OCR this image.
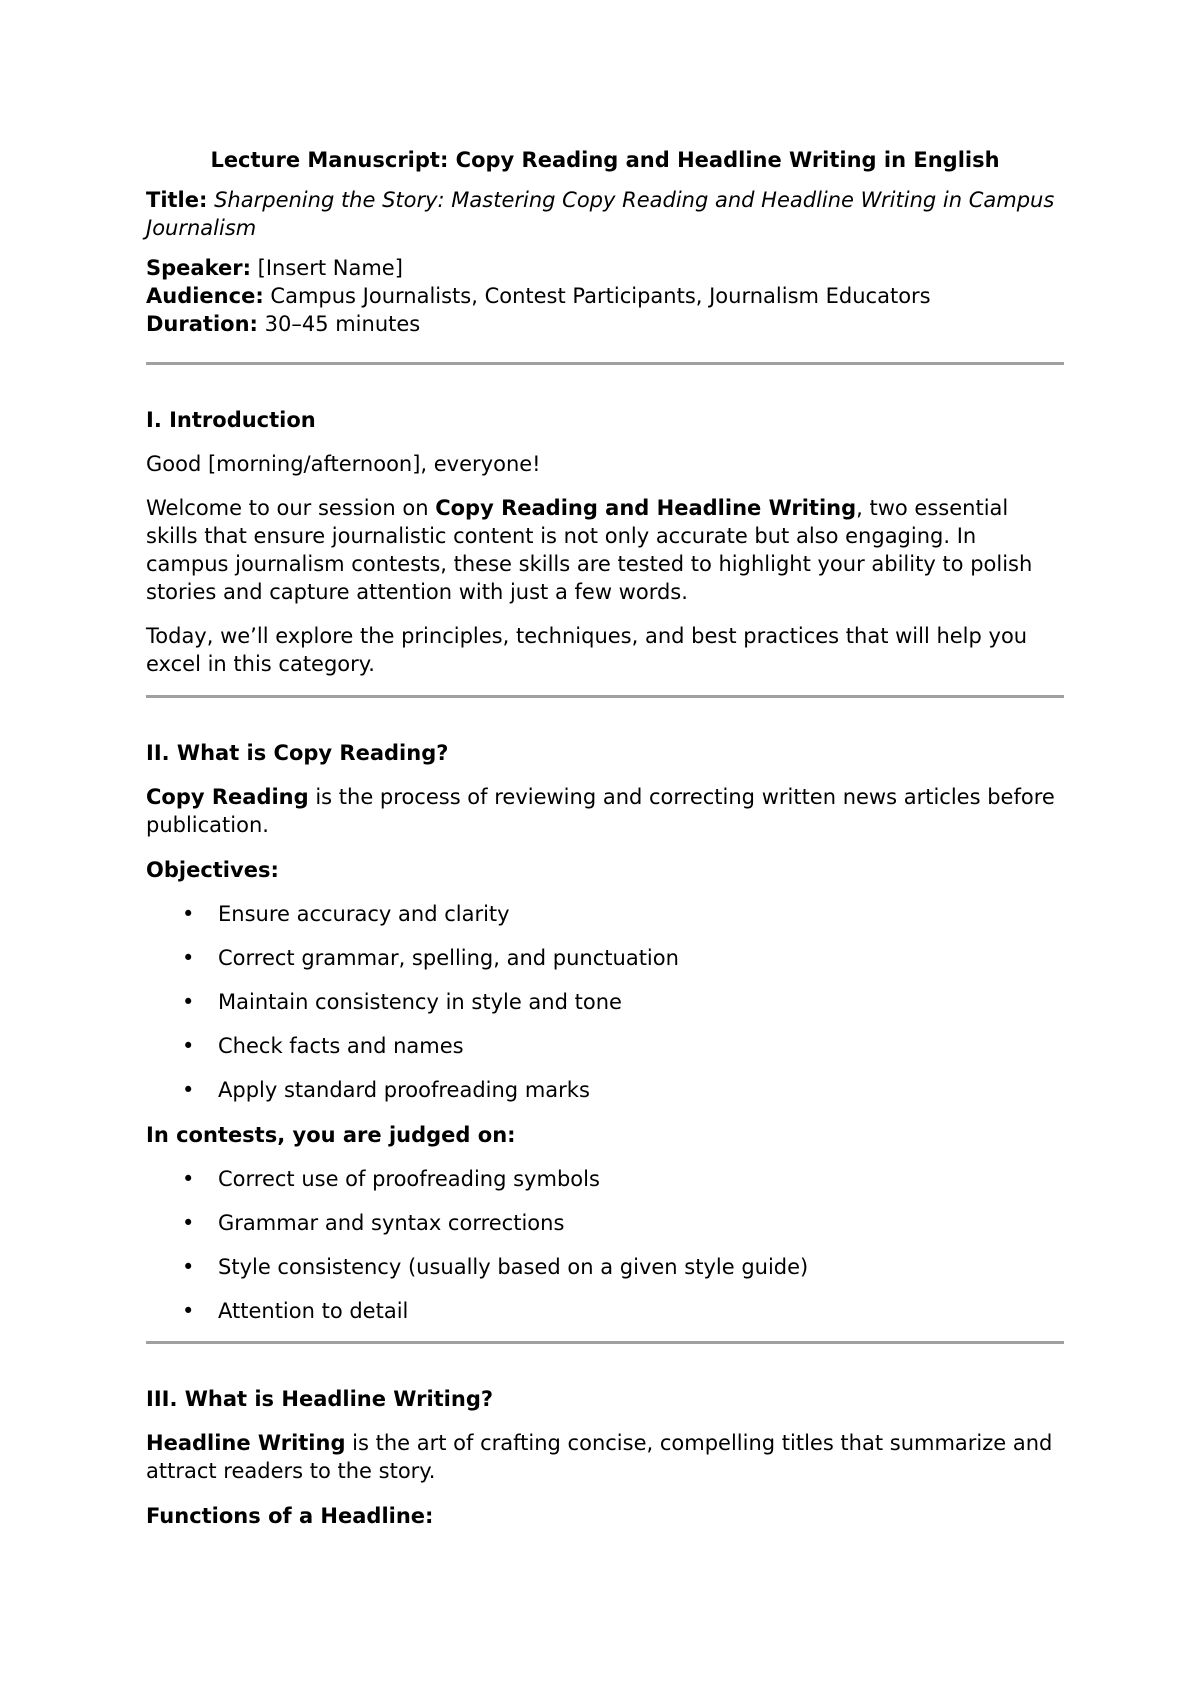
Lecture Manuscript: Copy Reading and Headline Writing in English
Title: Sharpening the Story: Mastering Copy Reading and Headline Writing in Campus Journalism
Speaker: [Insert Name]
Audience: Campus Journalists, Contest Participants, Journalism Educators
Duration: 30–45 minutes
I. Introduction
Good [morning/afternoon], everyone!

Welcome to our session on Copy Reading and Headline Writing, two essential skills that ensure journalistic content is not only accurate but also engaging. In campus journalism contests, these skills are tested to highlight your ability to polish stories and capture attention with just a few words.

Today, we’ll explore the principles, techniques, and best practices that will help you excel in this category.

II. What is Copy Reading?

Copy Reading is the process of reviewing and correcting written news articles before publication.

Objectives:
• Ensure accuracy and clarity
• Correct grammar, spelling, and punctuation
• Maintain consistency in style and tone
• Check facts and names
• Apply standard proofreading marks
In contests, you are judged on:
• Correct use of proofreading symbols
• Grammar and syntax corrections
• Style consistency (usually based on a given style guide)
• Attention to detail
III. What is Headline Writing?

Headline Writing is the art of crafting concise, compelling titles that summarize and attract readers to the story.

Functions of a Headline:
